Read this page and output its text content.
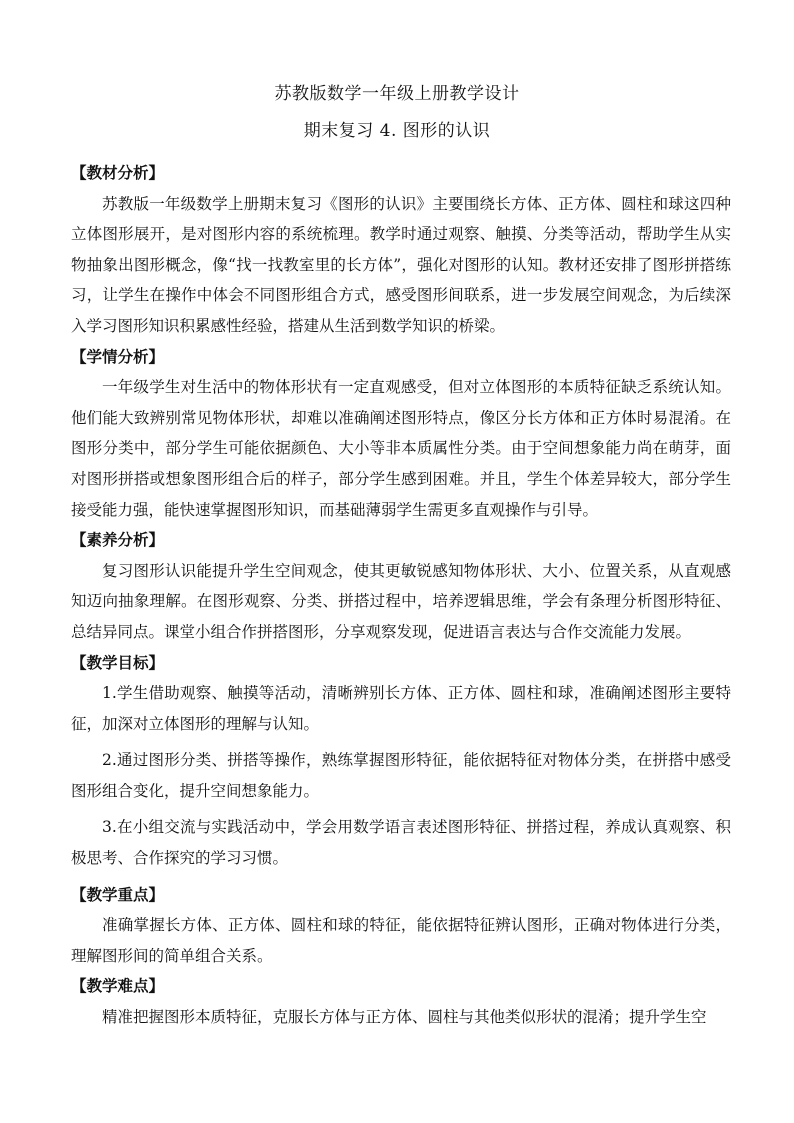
苏教版数学一年级上册教学设计
期末复习 4. 图形的认识

【教材分析】

苏教版一年级数学上册期末复习《图形的认识》主要围绕长方体、正方体、圆柱和球这四种立体图形展开，是对图形内容的系统梳理。教学时通过观察、触摸、分类等活动，帮助学生从实物抽象出图形概念，像“找一找教室里的长方体”，强化对图形的认知。教材还安排了图形拼搭练习，让学生在操作中体会不同图形组合方式，感受图形间联系，进一步发展空间观念，为后续深入学习图形知识积累感性经验，搭建从生活到数学知识的桥梁。

【学情分析】

一年级学生对生活中的物体形状有一定直观感受，但对立体图形的本质特征缺乏系统认知。他们能大致辨别常见物体形状，却难以准确阐述图形特点，像区分长方体和正方体时易混淆。在图形分类中，部分学生可能依据颜色、大小等非本质属性分类。由于空间想象能力尚在萌芽，面对图形拼搭或想象图形组合后的样子，部分学生感到困难。并且，学生个体差异较大，部分学生接受能力强，能快速掌握图形知识，而基础薄弱学生需更多直观操作与引导。

【素养分析】

复习图形认识能提升学生空间观念，使其更敏锐感知物体形状、大小、位置关系，从直观感知迈向抽象理解。在图形观察、分类、拼搭过程中，培养逻辑思维，学会有条理分析图形特征、总结异同点。课堂小组合作拼搭图形，分享观察发现，促进语言表达与合作交流能力发展。

【教学目标】

1.学生借助观察、触摸等活动，清晰辨别长方体、正方体、圆柱和球，准确阐述图形主要特征，加深对立体图形的理解与认知。

2.通过图形分类、拼搭等操作，熟练掌握图形特征，能依据特征对物体分类，在拼搭中感受图形组合变化，提升空间想象能力。

3.在小组交流与实践活动中，学会用数学语言表述图形特征、拼搭过程，养成认真观察、积极思考、合作探究的学习习惯。

【教学重点】

准确掌握长方体、正方体、圆柱和球的特征，能依据特征辨认图形，正确对物体进行分类，理解图形间的简单组合关系。

【教学难点】

精准把握图形本质特征，克服长方体与正方体、圆柱与其他类似形状的混淆；提升学生空
